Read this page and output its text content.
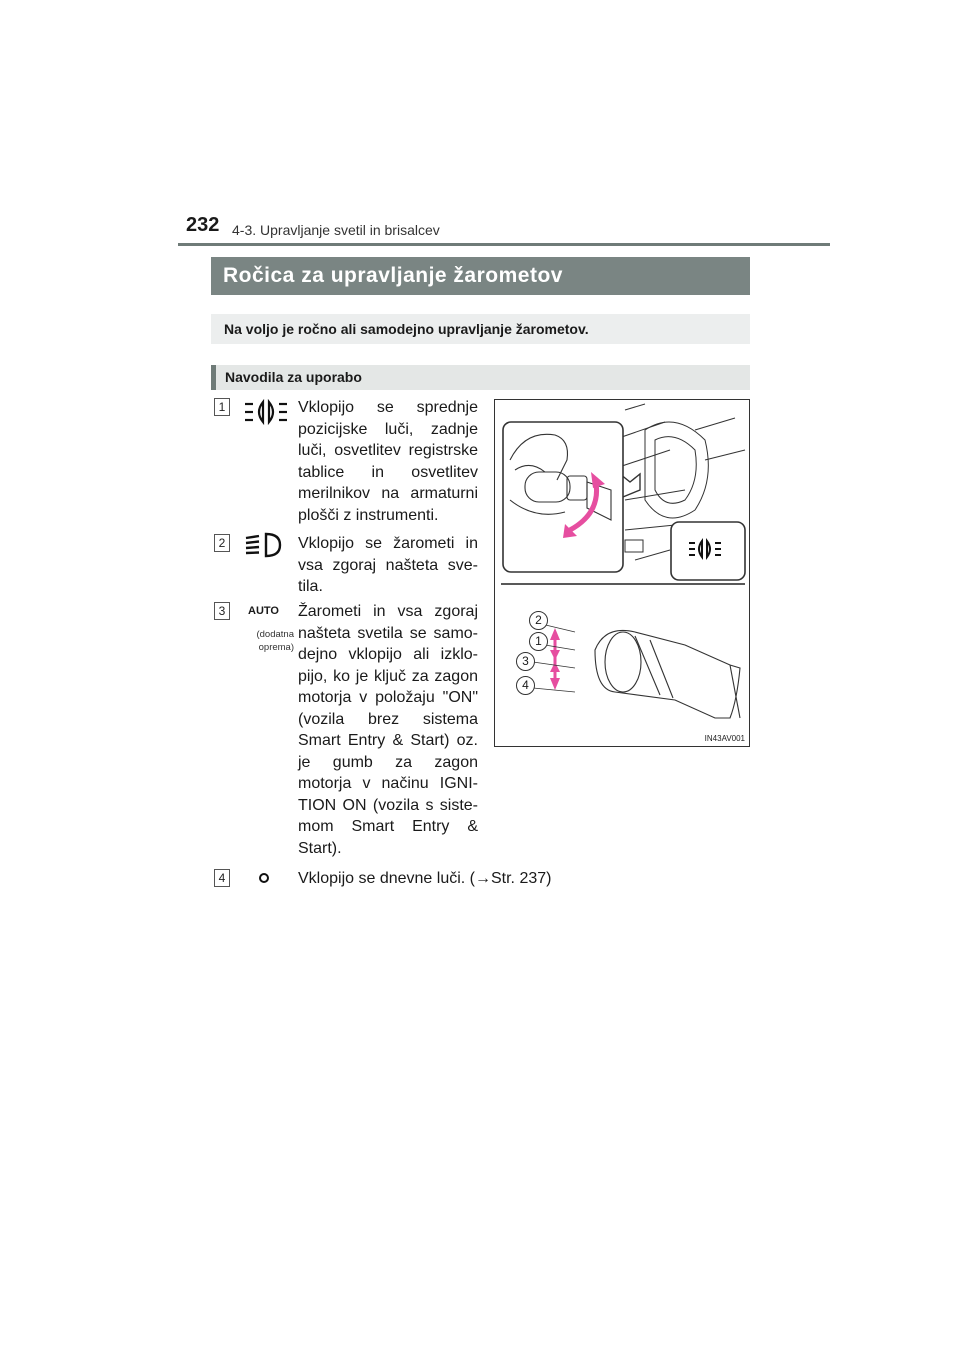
232 4-3. Upravljanje svetil in brisalcev
Ročica za upravljanje žarometov
Na voljo je ročno ali samodejno upravljanje žarometov.
Navodila za uporabo
1	Vklopijo se sprednje pozicijske luči, zadnje luči, osvetlitev registrske tablice in osvetlitev merilnikov na armaturni plošči z instrumenti.
2	Vklopijo se žarometi in vsa zgoraj našteta sve-tila.
3	AUTO
(dodatna oprema)
Žarometi in vsa zgoraj našteta svetila se samo-dejno vklopijo ali izklo-pijo, ko je ključ za zagon motorja v položaju "ON" (vozila brez sistema Smart Entry & Start) oz. je gumb za zagon motorja v načinu IGNI-TION ON (vozila s siste-mom Smart Entry & Start).
4	Vklopijo se dnevne luči. (→Str. 237)
2
1
3
4
IN43AV001
